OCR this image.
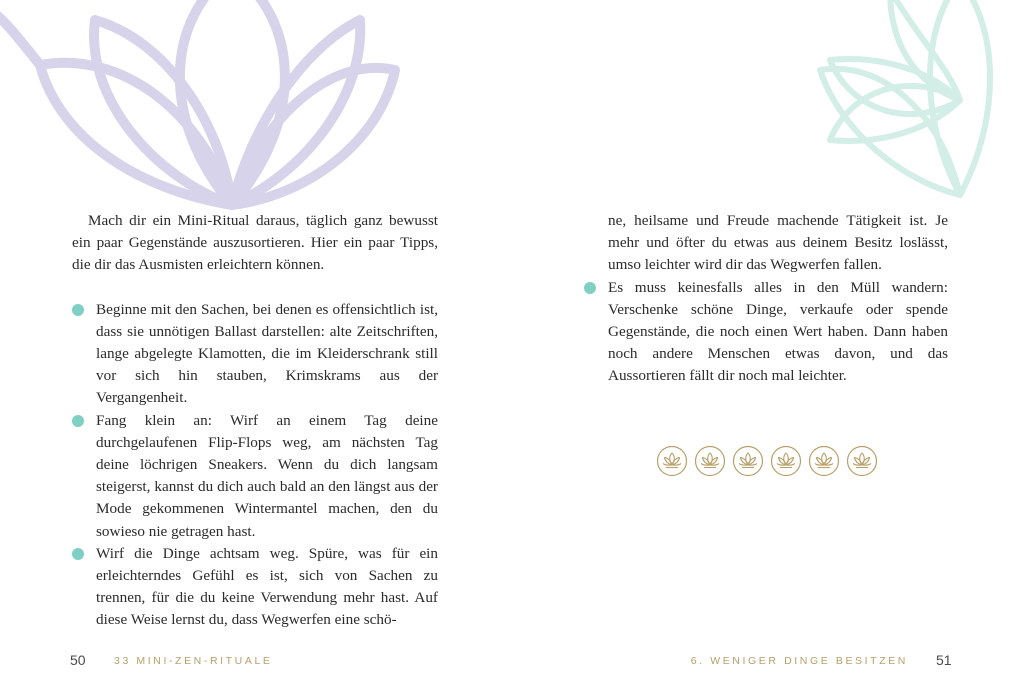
Mach dir ein Mini-Ritual daraus, täglich ganz bewusst ein paar Gegenstände auszusortieren. Hier ein paar Tipps, die dir das Ausmisten erleichtern können.

Beginne mit den Sachen, bei denen es offensichtlich ist, dass sie unnötigen Ballast darstellen: alte Zeitschriften, lange abgelegte Klamotten, die im Kleiderschrank still vor sich hin stauben, Krimskrams aus der Vergangenheit.
Fang klein an: Wirf an einem Tag deine durchgelaufenen Flip-Flops weg, am nächsten Tag deine löchrigen Sneakers. Wenn du dich langsam steigerst, kannst du dich auch bald an den längst aus der Mode gekommenen Wintermantel machen, den du sowieso nie getragen hast.
Wirf die Dinge achtsam weg. Spüre, was für ein erleichterndes Gefühl es ist, sich von Sachen zu trennen, für die du keine Verwendung mehr hast. Auf diese Weise lernst du, dass Wegwerfen eine schö-

ne, heilsame und Freude machende Tätigkeit ist. Je mehr und öfter du etwas aus deinem Besitz loslässt, umso leichter wird dir das Wegwerfen fallen.

Es muss keinesfalls alles in den Müll wandern: Verschenke schöne Dinge, verkaufe oder spende Gegenstände, die noch einen Wert haben. Dann haben noch andere Menschen etwas davon, und das Aussortieren fällt dir noch mal leichter.
50	33 MINI-ZEN-RITUALE	6. WENIGER DINGE BESITZEN 51
